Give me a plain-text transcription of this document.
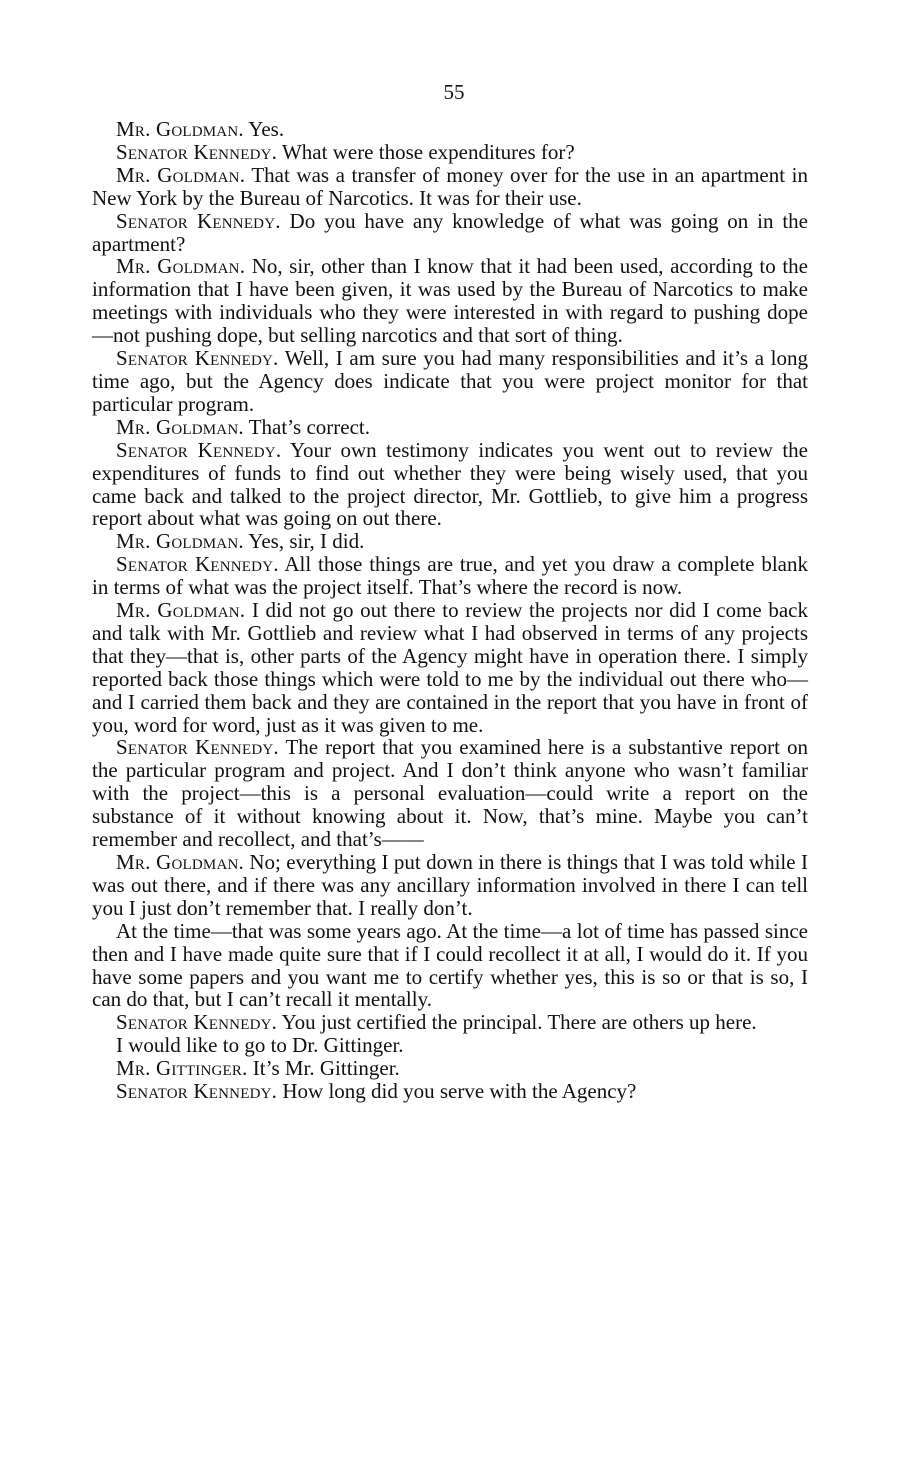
55

Mr. Goldman. Yes.

Senator Kennedy. What were those expenditures for?

Mr. Goldman. That was a transfer of money over for the use in an apartment in New York by the Bureau of Narcotics. It was for their use.

Senator Kennedy. Do you have any knowledge of what was going on in the apartment?

Mr. Goldman. No, sir, other than I know that it had been used, according to the information that I have been given, it was used by the Bureau of Narcotics to make meetings with individuals who they were interested in with regard to pushing dope—not pushing dope, but selling narcotics and that sort of thing.

Senator Kennedy. Well, I am sure you had many responsibilities and it’s a long time ago, but the Agency does indicate that you were project monitor for that particular program.

Mr. Goldman. That’s correct.

Senator Kennedy. Your own testimony indicates you went out to review the expenditures of funds to find out whether they were being wisely used, that you came back and talked to the project director, Mr. Gottlieb, to give him a progress report about what was going on out there.

Mr. Goldman. Yes, sir, I did.

Senator Kennedy. All those things are true, and yet you draw a complete blank in terms of what was the project itself. That’s where the record is now.

Mr. Goldman. I did not go out there to review the projects nor did I come back and talk with Mr. Gottlieb and review what I had observed in terms of any projects that they—that is, other parts of the Agency might have in operation there. I simply reported back those things which were told to me by the individual out there who—and I carried them back and they are contained in the report that you have in front of you, word for word, just as it was given to me.

Senator Kennedy. The report that you examined here is a substantive report on the particular program and project. And I don’t think anyone who wasn’t familiar with the project—this is a personal evaluation—could write a report on the substance of it without knowing about it. Now, that’s mine. Maybe you can’t remember and recollect, and that’s——

Mr. Goldman. No; everything I put down in there is things that I was told while I was out there, and if there was any ancillary information involved in there I can tell you I just don’t remember that. I really don’t.

At the time—that was some years ago. At the time—a lot of time has passed since then and I have made quite sure that if I could recollect it at all, I would do it. If you have some papers and you want me to certify whether yes, this is so or that is so, I can do that, but I can’t recall it mentally.

Senator Kennedy. You just certified the principal. There are others up here.

I would like to go to Dr. Gittinger.

Mr. Gittinger. It’s Mr. Gittinger.

Senator Kennedy. How long did you serve with the Agency?
